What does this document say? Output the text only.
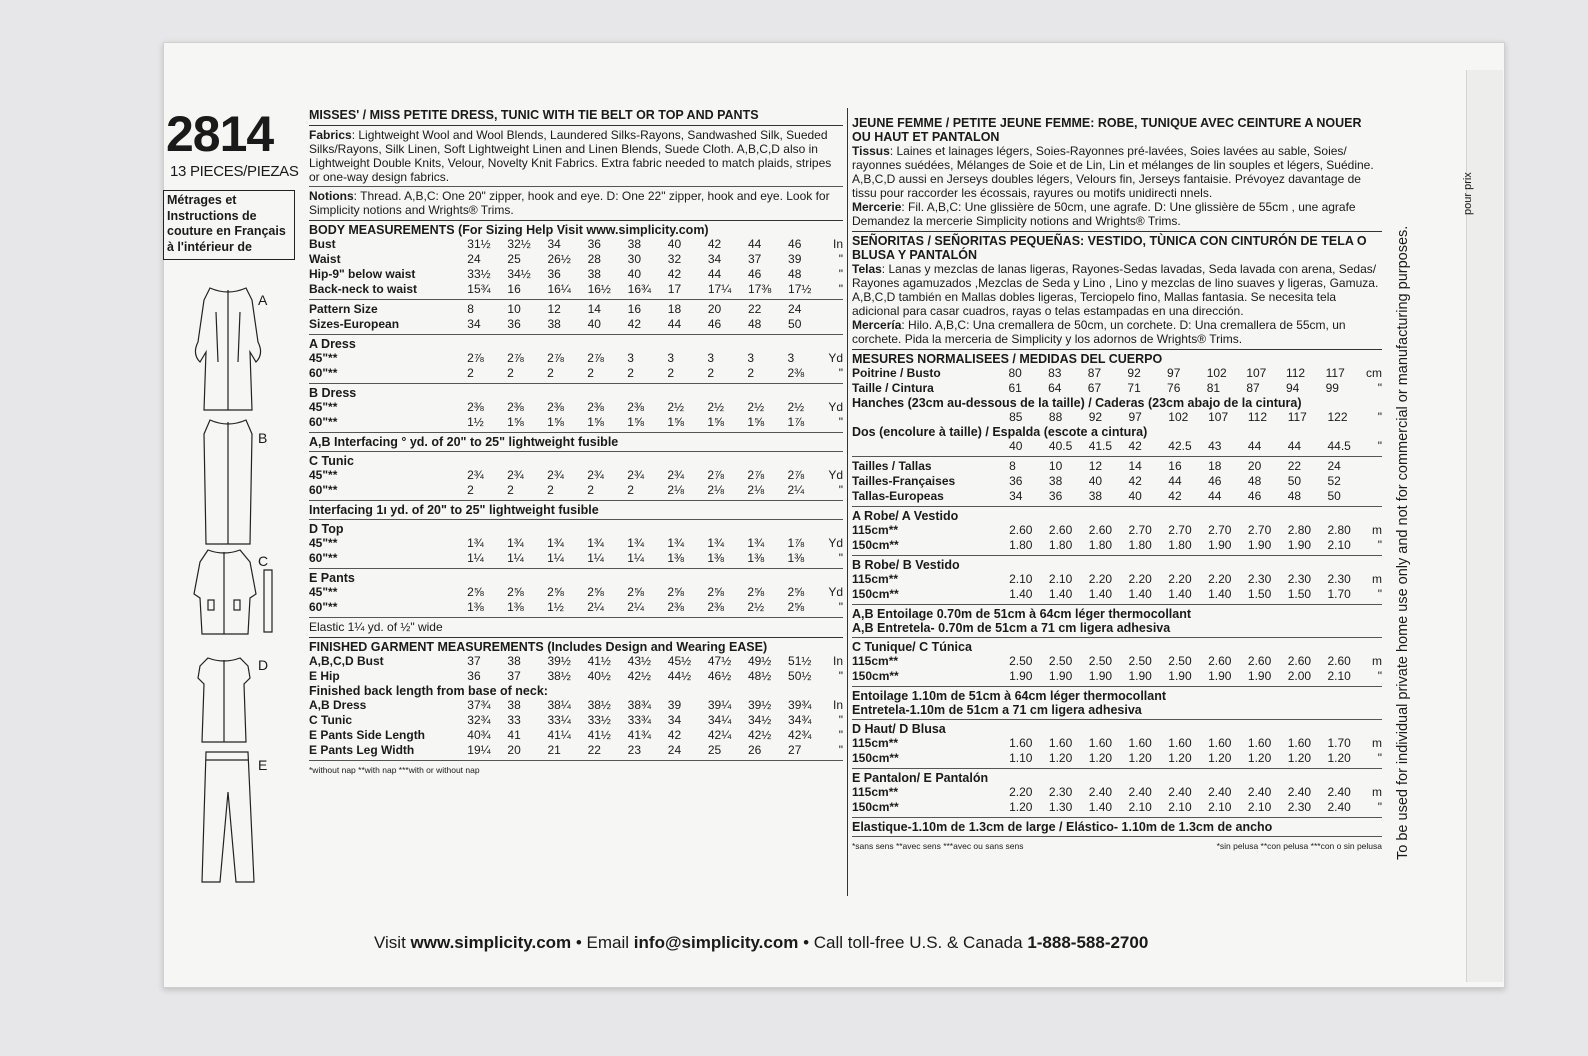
2814
13 PIECES/PIEZAS
Métrages et Instructions de couture en Français à l'intérieur de
A
B
C
D
E
MISSES' / MISS PETITE DRESS, TUNIC WITH TIE BELT OR TOP AND PANTS

Fabrics: Lightweight Wool and Wool Blends, Laundered Silks-Rayons, Sandwashed Silk, Sueded Silks/Rayons, Silk Linen, Soft Lightweight Linen and Linen Blends, Suede Cloth. A,B,C,D also in Lightweight Double Knits, Velour, Novelty Knit Fabrics. Extra fabric needed to match plaids, stripes or one-way design fabrics.

Notions: Thread. A,B,C: One 20" zipper, hook and eye. D: One 22" zipper, hook and eye. Look for Simplicity notions and Wrights® Trims.

BODY MEASUREMENTS (For Sizing Help Visit www.simplicity.com)
Bust	31½	32½	34	36	38	40	42	44	46	In
Waist	24	25	26½	28	30	32	34	37	39	"
Hip-9" below waist	33½	34½	36	38	40	42	44	46	48	"
Back-neck to waist	15¾	16	16¼	16½	16¾	17	17¼	17⅜	17½	"
Pattern Size	8	10	12	14	16	18	20	22	24	
Sizes-European	34	36	38	40	42	44	46	48	50	
A Dress
45"**	2⅞	2⅞	2⅞	2⅞	3	3	3	3	3	Yd
60"**	2	2	2	2	2	2	2	2	2⅜	"
B Dress
45"**	2⅜	2⅜	2⅜	2⅜	2⅜	2½	2½	2½	2½	Yd
60"**	1½	1⅝	1⅝	1⅝	1⅝	1⅝	1⅝	1⅝	1⅞	"
A,B Interfacing ° yd. of 20" to 25" lightweight fusible
C Tunic
45"**	2¾	2¾	2¾	2¾	2¾	2¾	2⅞	2⅞	2⅞	Yd
60"**	2	2	2	2	2	2⅛	2⅛	2⅛	2¼	"
Interfacing 1ı yd. of 20" to 25" lightweight fusible
D Top
45"**	1¾	1¾	1¾	1¾	1¾	1¾	1¾	1¾	1⅞	Yd
60"**	1¼	1¼	1¼	1¼	1¼	1⅜	1⅜	1⅜	1⅜	"
E Pants
45"**	2⅝	2⅝	2⅝	2⅝	2⅝	2⅝	2⅝	2⅝	2⅝	Yd
60"**	1⅜	1⅜	1½	2¼	2¼	2⅜	2⅜	2½	2⅝	"
Elastic 1¼ yd. of ½" wide
FINISHED GARMENT MEASUREMENTS (Includes Design and Wearing EASE)
A,B,C,D Bust	37	38	39½	41½	43½	45½	47½	49½	51½	In
E Hip	36	37	38½	40½	42½	44½	46½	48½	50½	"
Finished back length from base of neck:
A,B Dress	37¾	38	38¼	38½	38¾	39	39¼	39½	39¾	In
C Tunic	32¾	33	33¼	33½	33¾	34	34¼	34½	34¾	"
E Pants Side Length	40¾	41	41¼	41½	41¾	42	42¼	42½	42¾	"
E Pants Leg Width	19¼	20	21	22	23	24	25	26	27	"
*without nap **with nap ***with or without nap
JEUNE FEMME / PETITE JEUNE FEMME: ROBE, TUNIQUE AVEC CEINTURE A NOUER OU HAUT ET PANTALON

Tissus: Laines et lainages légers, Soies-Rayonnes pré-lavées, Soies lavées au sable, Soies/ rayonnes suédées, Mélanges de Soie et de Lin, Lin et mélanges de lin souples et légers, Suédine. A,B,C,D aussi en Jerseys doubles légers, Velours fin, Jerseys fantaisie. Prévoyez davantage de tissu pour raccorder les écossais, rayures ou motifs unidirecti nnels.

Mercerie: Fil. A,B,C: Une glissière de 50cm, une agrafe. D: Une glissière de 55cm , une agrafe Demandez la mercerie Simplicity notions and Wrights® Trims.

SEÑORITAS / SEÑORITAS PEQUEÑAS: VESTIDO, TÙNICA CON CINTURÓN DE TELA O BLUSA Y PANTALÓN

Telas: Lanas y mezclas de lanas ligeras, Rayones-Sedas lavadas, Seda lavada con arena, Sedas/ Rayones agamuzados ,Mezclas de Seda y Lino , Lino y mezclas de lino suaves y ligeras, Gamuza. A,B,C,D también en Mallas dobles ligeras, Terciopelo fino, Mallas fantasia. Se necesita tela adicional para casar cuadros, rayas o telas estampadas en una dirección.

Mercería: Hilo. A,B,C: Una cremallera de 50cm, un corchete. D: Una cremallera de 55cm, un corchete. Pida la merceria de Simplicity y los adornos de Wrights® Trims.

MESURES NORMALISEES / MEDIDAS DEL CUERPO
Poitrine / Busto	80	83	87	92	97	102	107	112	117	cm
Taille / Cintura	61	64	67	71	76	81	87	94	99	"
Hanches (23cm au-dessous de la taille) / Caderas (23cm abajo de la cintura)
	85	88	92	97	102	107	112	117	122	"
Dos (encolure à taille) / Espalda (escote a cintura)
	40	40.5	41.5	42	42.5	43	44	44	44.5	"
Tailles / Tallas	8	10	12	14	16	18	20	22	24	
Tailles-Françaises	36	38	40	42	44	46	48	50	52	
Tallas-Europeas	34	36	38	40	42	44	46	48	50	
A Robe/ A Vestido
115cm**	2.60	2.60	2.60	2.70	2.70	2.70	2.70	2.80	2.80	m
150cm**	1.80	1.80	1.80	1.80	1.80	1.90	1.90	1.90	2.10	"
B Robe/ B Vestido
115cm**	2.10	2.10	2.20	2.20	2.20	2.20	2.30	2.30	2.30	m
150cm**	1.40	1.40	1.40	1.40	1.40	1.40	1.50	1.50	1.70	"
A,B Entoilage 0.70m de 51cm à 64cm léger thermocollant
A,B Entretela- 0.70m de 51cm a 71 cm ligera adhesiva
C Tunique/ C Túnica
115cm**	2.50	2.50	2.50	2.50	2.50	2.60	2.60	2.60	2.60	m
150cm**	1.90	1.90	1.90	1.90	1.90	1.90	1.90	2.00	2.10	"
Entoilage 1.10m de 51cm à 64cm léger thermocollant
Entretela-1.10m de 51cm a 71 cm ligera adhesiva
D Haut/ D Blusa
115cm**	1.60	1.60	1.60	1.60	1.60	1.60	1.60	1.60	1.70	m
150cm**	1.10	1.20	1.20	1.20	1.20	1.20	1.20	1.20	1.20	"
E Pantalon/ E Pantalón
115cm**	2.20	2.30	2.40	2.40	2.40	2.40	2.40	2.40	2.40	m
150cm**	1.20	1.30	1.40	2.10	2.10	2.10	2.10	2.30	2.40	"
Elastique-1.10m de 1.3cm de large / Elástico- 1.10m de 1.3cm de ancho
*sans sens **avec sens ***avec ou sans sens	*sin pelusa **con pelusa ***con o sin pelusa
Visit www.simplicity.com • Email info@simplicity.com • Call toll-free U.S. & Canada 1-888-588-2700
To be used for individual private home use only and not for commercial or manufacturing purposes.
pour prix
